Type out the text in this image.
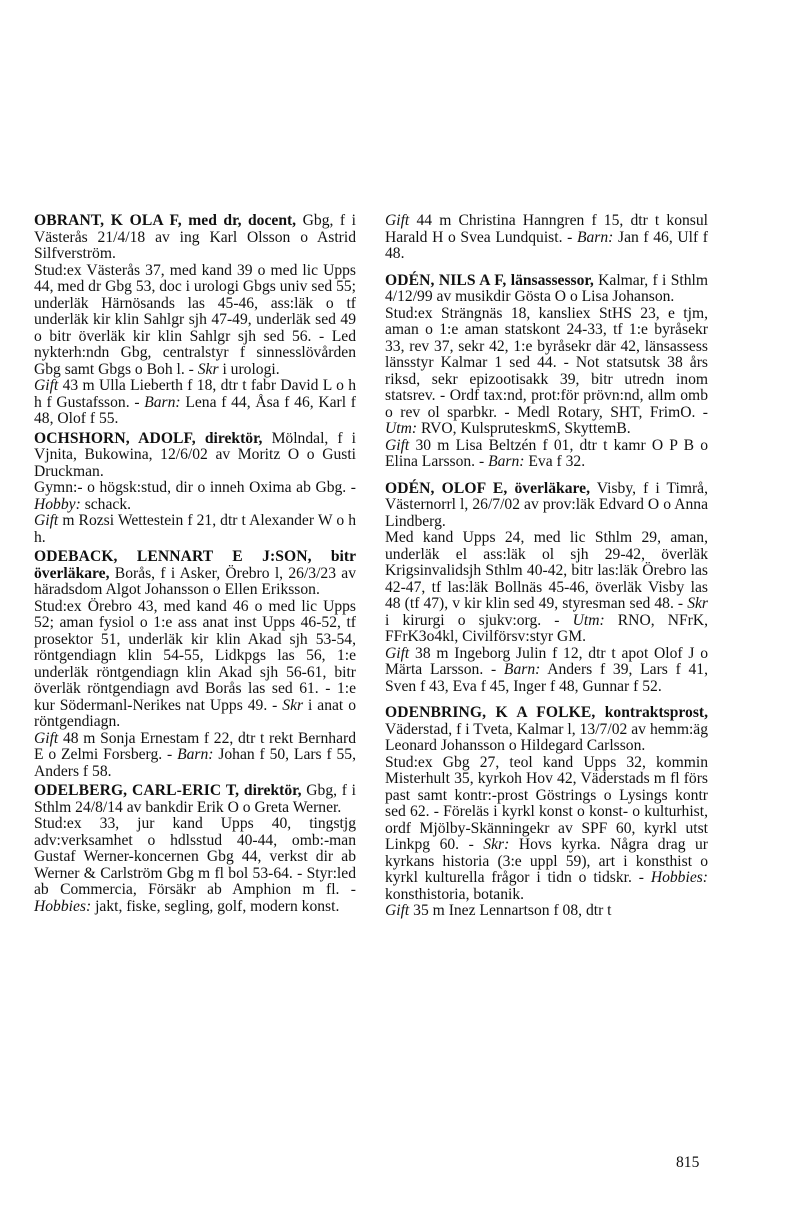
OBRANT, K OLA F, med dr, docent, Gbg, f i Västerås 21/4/18 av ing Karl Olsson o Astrid Silfverström.

Stud:ex Västerås 37, med kand 39 o med lic Upps 44, med dr Gbg 53, doc i urologi Gbgs univ sed 55; underläk Härnösands las 45-46, ass:läk o tf underläk kir klin Sahlgr sjh 47-49, underläk sed 49 o bitr överläk kir klin Sahlgr sjh sed 56. - Led nykterh:ndn Gbg, centralstyr f sinnesslövården Gbg samt Gbgs o Boh l. - Skr i urologi.

Gift 43 m Ulla Lieberth f 18, dtr t fabr David L o h h f Gustafsson. - Barn: Lena f 44, Åsa f 46, Karl f 48, Olof f 55.

OCHSHORN, ADOLF, direktör, Mölndal, f i Vjnita, Bukowina, 12/6/02 av Moritz O o Gusti Druckman.

Gymn:- o högsk:stud, dir o inneh Oxima ab Gbg. - Hobby: schack.

Gift m Rozsi Wettestein f 21, dtr t Alexander W o h h.

ODEBACK, LENNART E J:SON, bitr överläkare, Borås, f i Asker, Örebro l, 26/3/23 av häradsdom Algot Johansson o Ellen Eriksson.

Stud:ex Örebro 43, med kand 46 o med lic Upps 52; aman fysiol o 1:e ass anat inst Upps 46-52, tf prosektor 51, underläk kir klin Akad sjh 53-54, röntgendiagn klin 54-55, Lidkpgs las 56, 1:e underläk röntgendiagn klin Akad sjh 56-61, bitr överläk röntgendiagn avd Borås las sed 61. - 1:e kur Södermanl-Nerikes nat Upps 49. - Skr i anat o röntgendiagn.

Gift 48 m Sonja Ernestam f 22, dtr t rekt Bernhard E o Zelmi Forsberg. - Barn: Johan f 50, Lars f 55, Anders f 58.

ODELBERG, CARL-ERIC T, direktör, Gbg, f i Sthlm 24/8/14 av bankdir Erik O o Greta Werner.

Stud:ex 33, jur kand Upps 40, tingstjg adv:verksamhet o hdlsstud 40-44, omb:-man Gustaf Werner-koncernen Gbg 44, verkst dir ab Werner & Carlström Gbg m fl bol 53-64. - Styr:led ab Commercia, Försäkr ab Amphion m fl. - Hobbies: jakt, fiske, segling, golf, modern konst.

Gift 44 m Christina Hanngren f 15, dtr t konsul Harald H o Svea Lundquist. - Barn: Jan f 46, Ulf f 48.

ODÉN, NILS A F, länsassessor, Kalmar, f i Sthlm 4/12/99 av musikdir Gösta O o Lisa Johanson.

Stud:ex Strängnäs 18, kansliex StHS 23, e tjm, aman o 1:e aman statskont 24-33, tf 1:e byråsekr 33, rev 37, sekr 42, 1:e byråsekr där 42, länsassess länsstyr Kalmar 1 sed 44. - Not statsutsk 38 års riksd, sekr epizootisakk 39, bitr utredn inom statsrev. - Ordf tax:nd, prot:för prövn:nd, allm omb o rev ol sparbkr. - Medl Rotary, SHT, FrimO. - Utm: RVO, KulspruteskmS, SkyttemB.

Gift 30 m Lisa Beltzén f 01, dtr t kamr O P B o Elina Larsson. - Barn: Eva f 32.

ODÉN, OLOF E, överläkare, Visby, f i Timrå, Västernorrl l, 26/7/02 av prov:läk Edvard O o Anna Lindberg.

Med kand Upps 24, med lic Sthlm 29, aman, underläk el ass:läk ol sjh 29-42, överläk Krigsinvalidsjh Sthlm 40-42, bitr las:läk Örebro las 42-47, tf las:läk Bollnäs 45-46, överläk Visby las 48 (tf 47), v kir klin sed 49, styresman sed 48. - Skr i kirurgi o sjukv:org. - Utm: RNO, NFrK, FFrK3o4kl, Civilförsv:styr GM.

Gift 38 m Ingeborg Julin f 12, dtr t apot Olof J o Märta Larsson. - Barn: Anders f 39, Lars f 41, Sven f 43, Eva f 45, Inger f 48, Gunnar f 52.

ODENBRING, K A FOLKE, kontraktsprost, Väderstad, f i Tveta, Kalmar l, 13/7/02 av hemm:äg Leonard Johansson o Hildegard Carlsson.

Stud:ex Gbg 27, teol kand Upps 32, kommin Misterhult 35, kyrkoh Hov 42, Väderstads m fl förs past samt kontr:-prost Göstrings o Lysings kontr sed 62. - Föreläs i kyrkl konst o konst- o kulturhist, ordf Mjölby-Skänningekr av SPF 60, kyrkl utst Linkpg 60. - Skr: Hovs kyrka. Några drag ur kyrkans historia (3:e uppl 59), art i konsthist o kyrkl kulturella frågor i tidn o tidskr. - Hobbies: konsthistoria, botanik.

Gift 35 m Inez Lennartson f 08, dtr t

815
